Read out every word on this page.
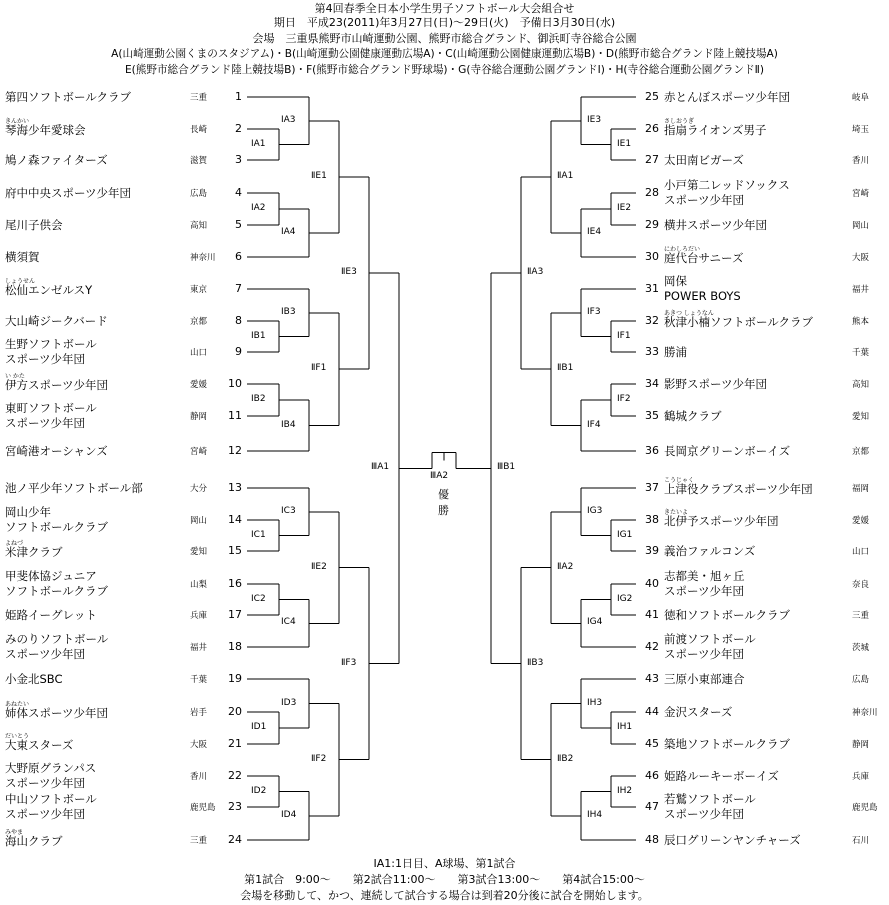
第4回春季全日本小学生男子ソフトボール大会組合せ
期日　平成23(2011)年3月27日(日)～29日(火)　予備日3月30日(水)
会場　三重県熊野市山崎運動公園、熊野市総合グランド、御浜町寺谷総合公園
A(山崎運動公園くまのスタジアム)・B(山崎運動公園健康運動広場A)・C(山崎運動公園健康運動広場B)・D(熊野市総合グランド陸上競技場A)
E(熊野市総合グランド陸上競技場B)・F(熊野市総合グランド野球場)・G(寺谷総合運動公園グランドⅠ)・H(寺谷総合運動公園グランドⅡ)
第四ソフトボールクラブ	三重	1
きんかい
琴海少年愛球会	長崎	2
鳩ノ森ファイターズ	滋賀	3
府中中央スポーツ少年団	広島	4
尾川子供会	高知	5
横須賀	神奈川 6
しょうせん
松仙エンゼルスY	東京	7
大山崎ジークバード	京都	8
生野ソフトボール
スポーツ少年団	山口	9
い かた
伊方スポーツ少年団	愛媛 10
東町ソフトボール
スポーツ少年団	静岡 11
宮崎港オーシャンズ	宮崎 12
池ノ平少年ソフトボール部	大分 13
岡山少年
ソフトボールクラブ	岡山 14
よねづ
米津クラブ	愛知 15
甲斐体協ジュニア
ソフトボールクラブ	山梨 16
姫路イーグレット	兵庫 17
みのりソフトボール
スポーツ少年団	福井 18
小金北SBC	千葉 19
あねたい
姉体スポーツ少年団	岩手 20
だいとう
大東スターズ	大阪 21
大野原グランパス
スポーツ少年団	香川 22
中山ソフトボール
スポーツ少年団	鹿児島 23
みやま
海山クラブ	三重 24
ⅠA1
ⅠA3
ⅠA2
ⅠA4
ⅠB1
ⅠB3
ⅠB2
ⅠB4
ⅠC1
ⅠC3
ⅠC2
ⅠC4
ⅠD1
ⅠD3
ⅠD2
ⅠD4
ⅡE1
ⅡF1
ⅡE2
ⅡF2
ⅡE3
ⅡF3
ⅢA1
赤とんぼスポーツ少年団	岐阜
25
さしおうぎ
指扇ライオンズ男子	埼玉
26
太田南ビガーズ	香川
27
小戸第二レッドソックス
スポーツ少年団	宮崎
28
横井スポーツ少年団	岡山
29
にわしろだい
庭代台サニーズ	大阪
30
岡保
POWER BOYS	福井
31
あきつ しょうなん
秋津小楠ソフトボールクラブ	熊本
32
勝浦	千葉
33
影野スポーツ少年団	高知
34
鶴城クラブ	愛知
35
長岡京グリーンボーイズ	京都
36
こうじゃく
上津役クラブスポーツ少年団	福岡
37
きたいよ
北伊予スポーツ少年団	愛媛
38
義治ファルコンズ	山口
39
志都美・旭ヶ丘
スポーツ少年団	奈良
40
徳和ソフトボールクラブ	三重
41
前渡ソフトボール
スポーツ少年団	茨城
42
三原小東部連合	広島
43
金沢スターズ	神奈川
44
築地ソフトボールクラブ	静岡
45
姫路ルーキーボーイズ	兵庫
46
若鷲ソフトボール
スポーツ少年団	鹿児島
47
辰口グリーンヤンチャーズ	石川
48
ⅠE1
ⅠE3
ⅠE2
ⅠE4
ⅠF1
ⅠF3
ⅠF2
ⅠF4
ⅠG1
ⅠG3
ⅠG2
ⅠG4
ⅠH1
ⅠH3
ⅠH2
ⅠH4
ⅡA1
ⅡB1
ⅡA2
ⅡB2
ⅡA3
ⅡB3
ⅢB1
ⅢA2
優
勝
ⅠA1:1日目、A球場、第1試合
第1試合　9:00～　　第2試合11:00～　　第3試合13:00～　　第4試合15:00～
会場を移動して、かつ、連続して試合する場合は到着20分後に試合を開始します。
